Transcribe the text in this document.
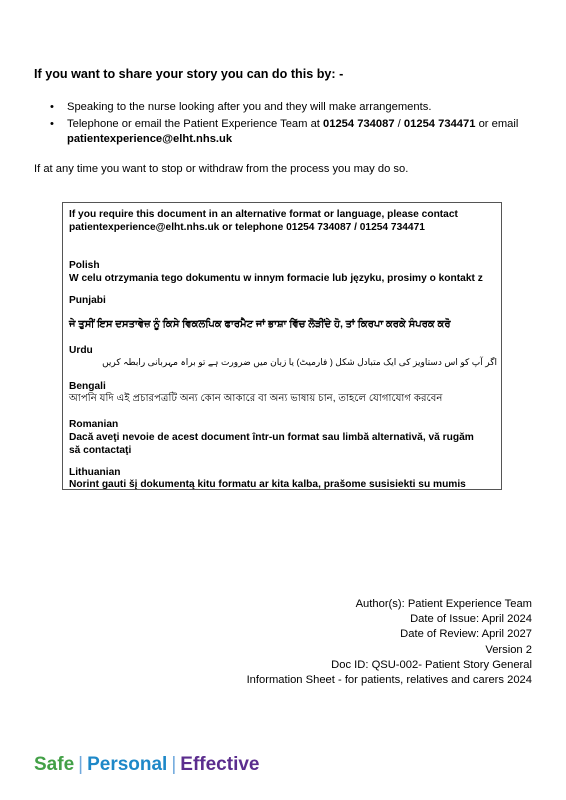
If you want to share your story you can do this by: -
• Speaking to the nurse looking after you and they will make arrangements.
• Telephone or email the Patient Experience Team at 01254 734087 / 01254 734471 or email
patientexperience@elht.nhs.uk

If at any time you want to stop or withdraw from the process you may do so.

If you require this document in an alternative format or language, please contact

patientexperience@elht.nhs.uk or telephone 01254 734087 / 01254 734471

Polish

W celu otrzymania tego dokumentu w innym formacie lub języku, prosimy o kontakt z

Punjabi

ਜੇ ਤੁਸੀਂ ਇਸ ਦਸਤਾਵੇਜ਼ ਨੂੰ ਕਿਸੇ ਵਿਕਲਪਿਕ ਫਾਰਮੈਟ ਜਾਂ ਭਾਸ਼ਾ ਵਿੱਚ ਲੋੜੀਂਦੇ ਹੋ, ਤਾਂ ਕਿਰਪਾ ਕਰਕੇ ਸੰਪਰਕ ਕਰੋ

Urdu

اگر آپ کو اس دستاویز کی ایک متبادل شکل ( فارمیٹ) یا زبان میں ضرورت ہے تو براہ مہربانی رابطہ کریں

Bengali

আপনি যদি এই প্রচারপত্রটি অন্য কোন আকারে বা অন্য ভাষায় চান, তাহলে যোগাযোগ করবেন

Romanian

Dacă aveţi nevoie de acest document într-un format sau limbă alternativă, vă rugăm

să contactaţi

Lithuanian

Norint gauti šį dokumentą kitu formatu ar kita kalba, prašome susisiekti su mumis

Author(s): Patient Experience Team
Date of Issue: April 2024
Date of Review: April 2027
Version 2
Doc ID: QSU-002- Patient Story General
Information Sheet - for patients, relatives and carers 2024
Safe | Personal | Effective
